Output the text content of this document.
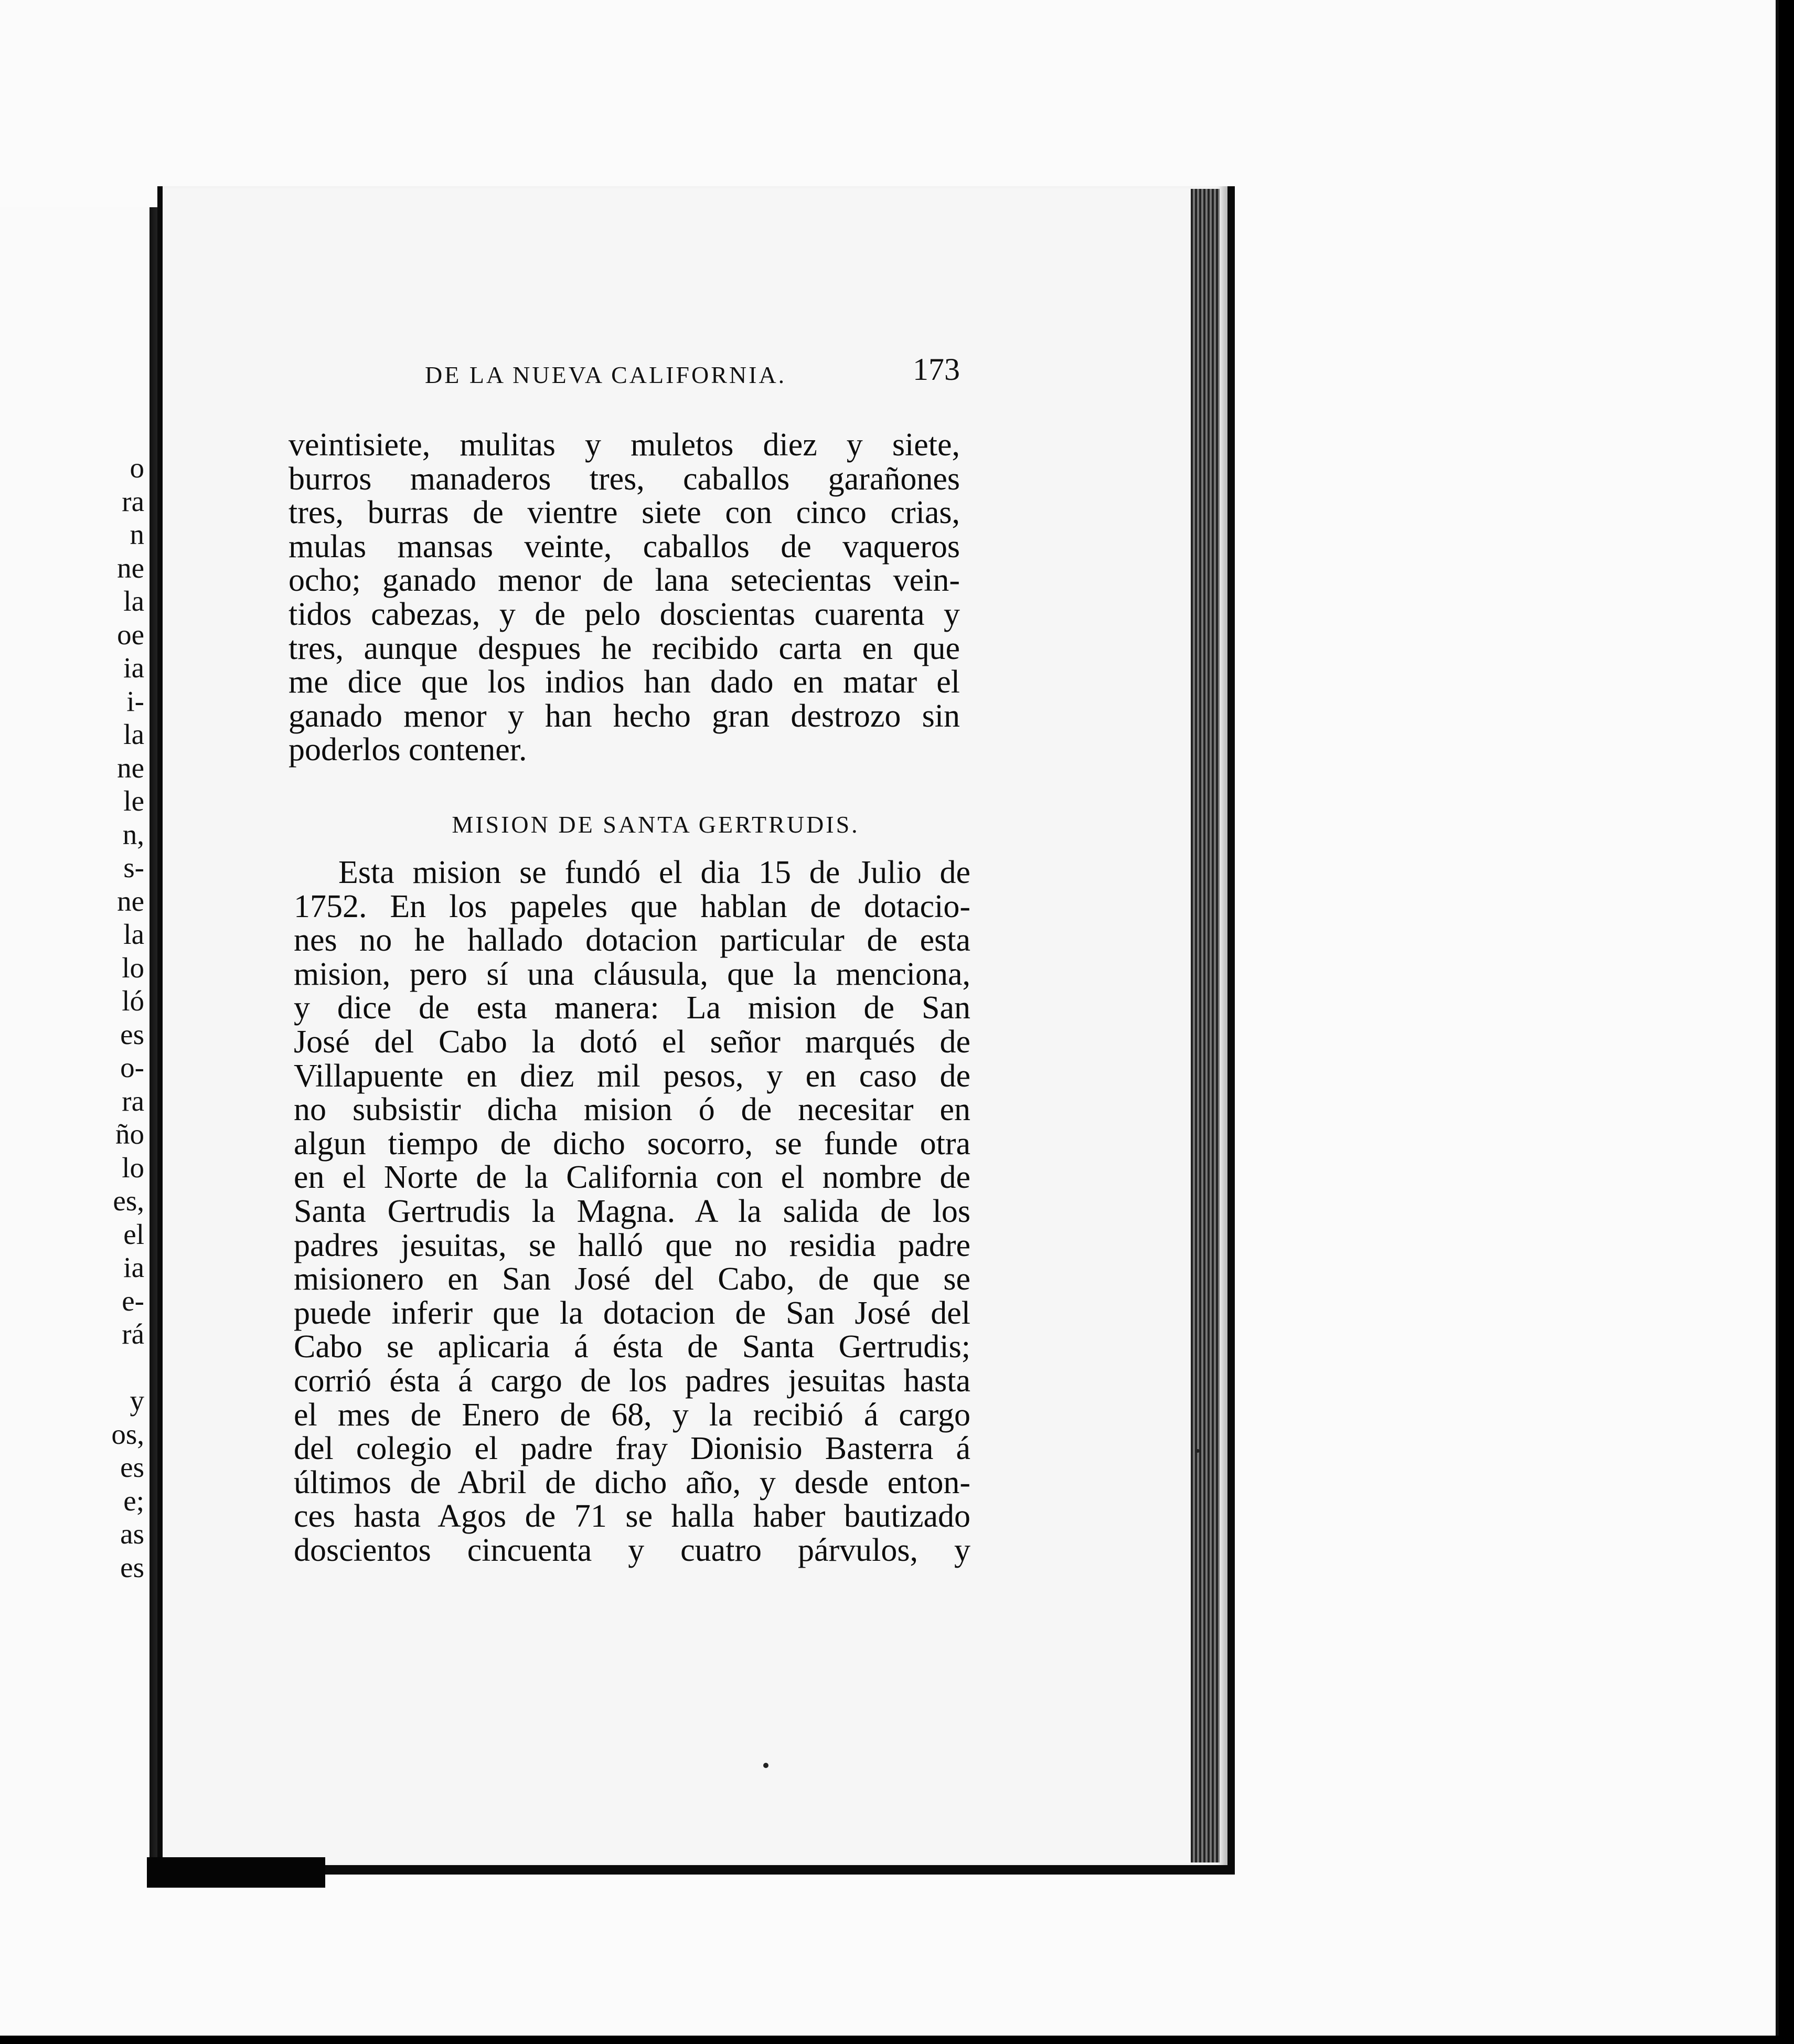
o
ra
n
ne
la
oe
ia
i-
la
ne
le
n,
s-
ne
la
lo
ló
es
o-
ra
ño
lo
es,
el
ia
e-
rá
y
os,
es
e;
as
es
DE LA NUEVA CALIFORNIA.	173
veintisiete, mulitas y muletos diez y siete,
burros manaderos tres, caballos garañones
tres, burras de vientre siete con cinco crias,
mulas mansas veinte, caballos de vaqueros
ocho; ganado menor de lana setecientas vein-
tidos cabezas, y de pelo doscientas cuarenta y
tres, aunque despues he recibido carta en que
me dice que los indios han dado en matar el
ganado menor y han hecho gran destrozo sin
poderlos contener.
MISION DE SANTA GERTRUDIS.
Esta mision se fundó el dia 15 de Julio de
1752. En los papeles que hablan de dotacio-
nes no he hallado dotacion particular de esta
mision, pero sí una cláusula, que la menciona,
y dice de esta manera: La mision de San
José del Cabo la dotó el señor marqués de
Villapuente en diez mil pesos, y en caso de
no subsistir dicha mision ó de necesitar en
algun tiempo de dicho socorro, se funde otra
en el Norte de la California con el nombre de
Santa Gertrudis la Magna. A la salida de los
padres jesuitas, se halló que no residia padre
misionero en San José del Cabo, de que se
puede inferir que la dotacion de San José del
Cabo se aplicaria á ésta de Santa Gertrudis;
corrió ésta á cargo de los padres jesuitas hasta
el mes de Enero de 68, y la recibió á cargo
del colegio el padre fray Dionisio Basterra á
últimos de Abril de dicho año, y desde enton-
ces hasta Agos de 71 se halla haber bautizado
doscientos cincuenta y cuatro párvulos, y
